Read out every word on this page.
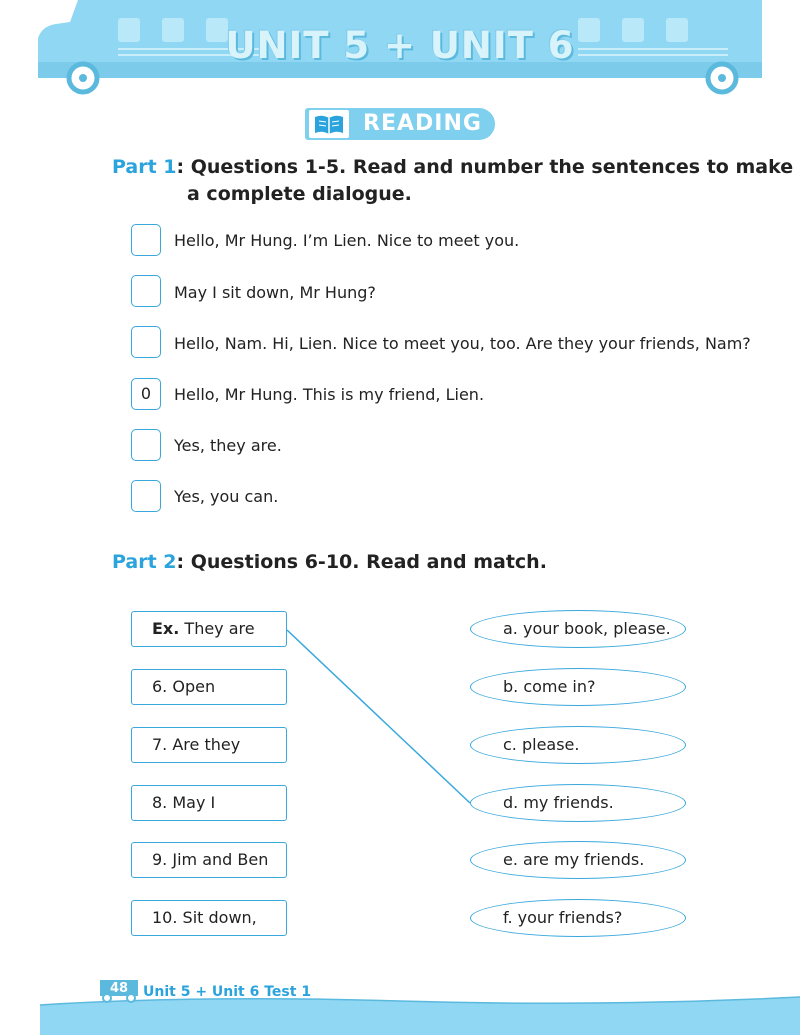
UNIT 5 + UNIT 6
READING
Part 1: Questions 1-5. Read and number the sentences to make
a complete dialogue.
Hello, Mr Hung. I’m Lien. Nice to meet you.
May I sit down, Mr Hung?
Hello, Nam. Hi, Lien. Nice to meet you, too. Are they your friends, Nam?
0	Hello, Mr Hung. This is my friend, Lien.
Yes, they are.
Yes, you can.
Part 2: Questions 6-10. Read and match.
Ex. They are
6. Open
7. Are they
8. May I
9. Jim and Ben
10. Sit down,
a. your book, please.
b. come in?
c. please.
d. my friends.
e. are my friends.
f. your friends?
48 Unit 5 + Unit 6 Test 1
